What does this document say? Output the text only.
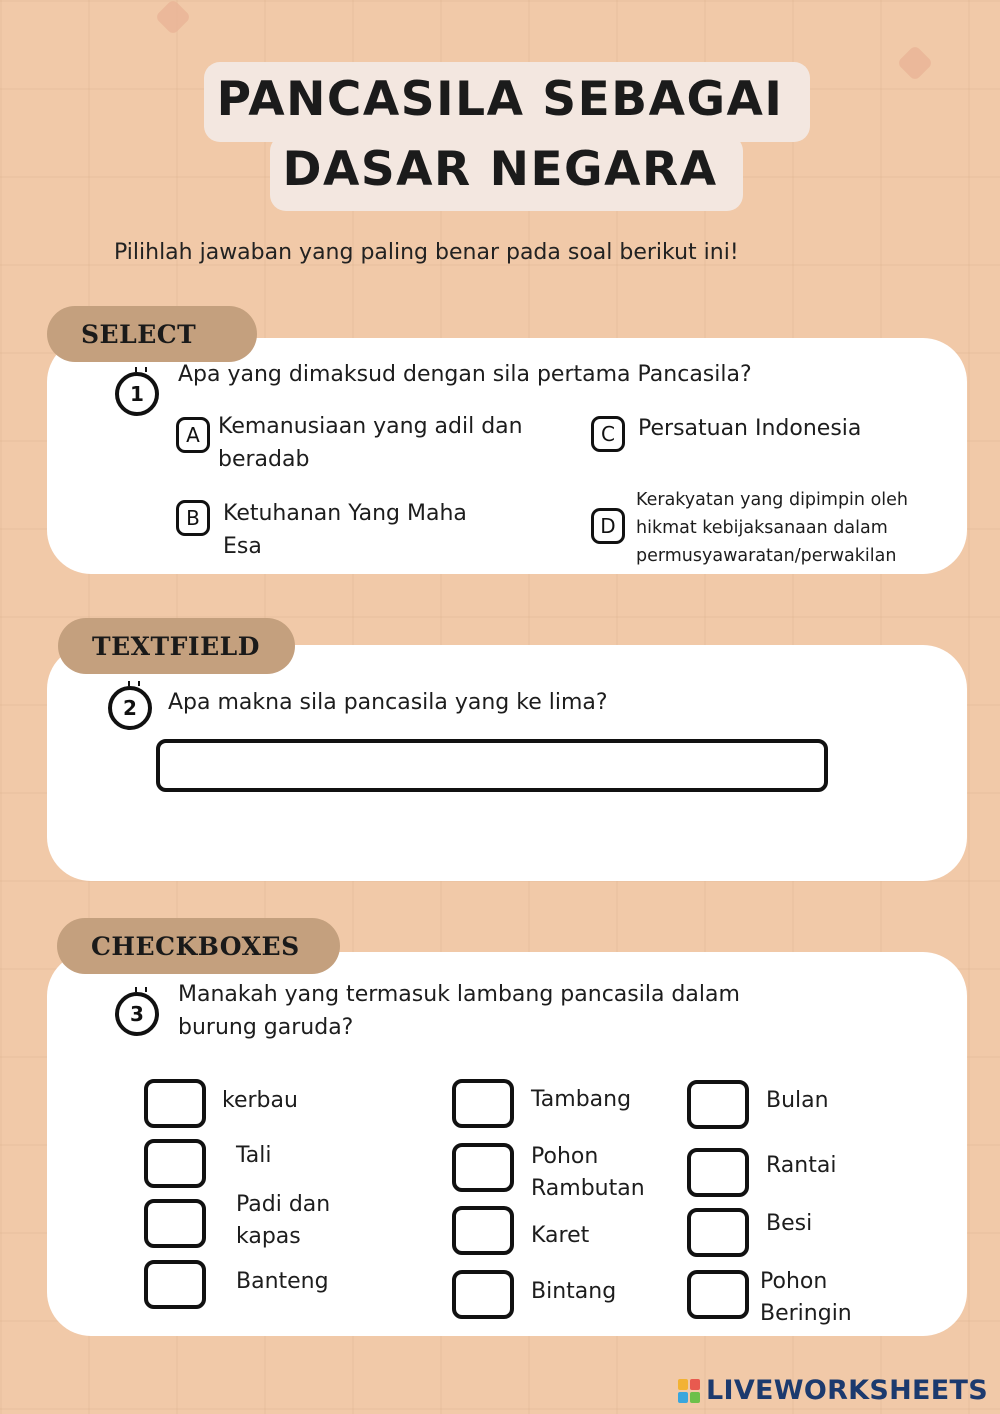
PANCASILA SEBAGAI
DASAR NEGARA
Pilihlah jawaban yang paling benar pada soal berikut ini!
SELECT
1
Apa yang dimaksud dengan sila pertama Pancasila?
A Kemanusiaan yang adil dan
beradab
B	Ketuhanan Yang Maha
Esa
C	Persatuan Indonesia
D
Kerakyatan yang dipimpin oleh
hikmat kebijaksanaan dalam
permusyawaratan/perwakilan
TEXTFIELD
2	Apa makna sila pancasila yang ke lima?
CHECKBOXES
3
Manakah yang termasuk lambang pancasila dalam
burung garuda?
kerbau
Tali
Padi dan
kapas
Banteng
Tambang
Pohon
Rambutan
Karet
Bintang
Bulan
Rantai
Besi
Pohon
Beringin
LIVEWORKSHEETS
